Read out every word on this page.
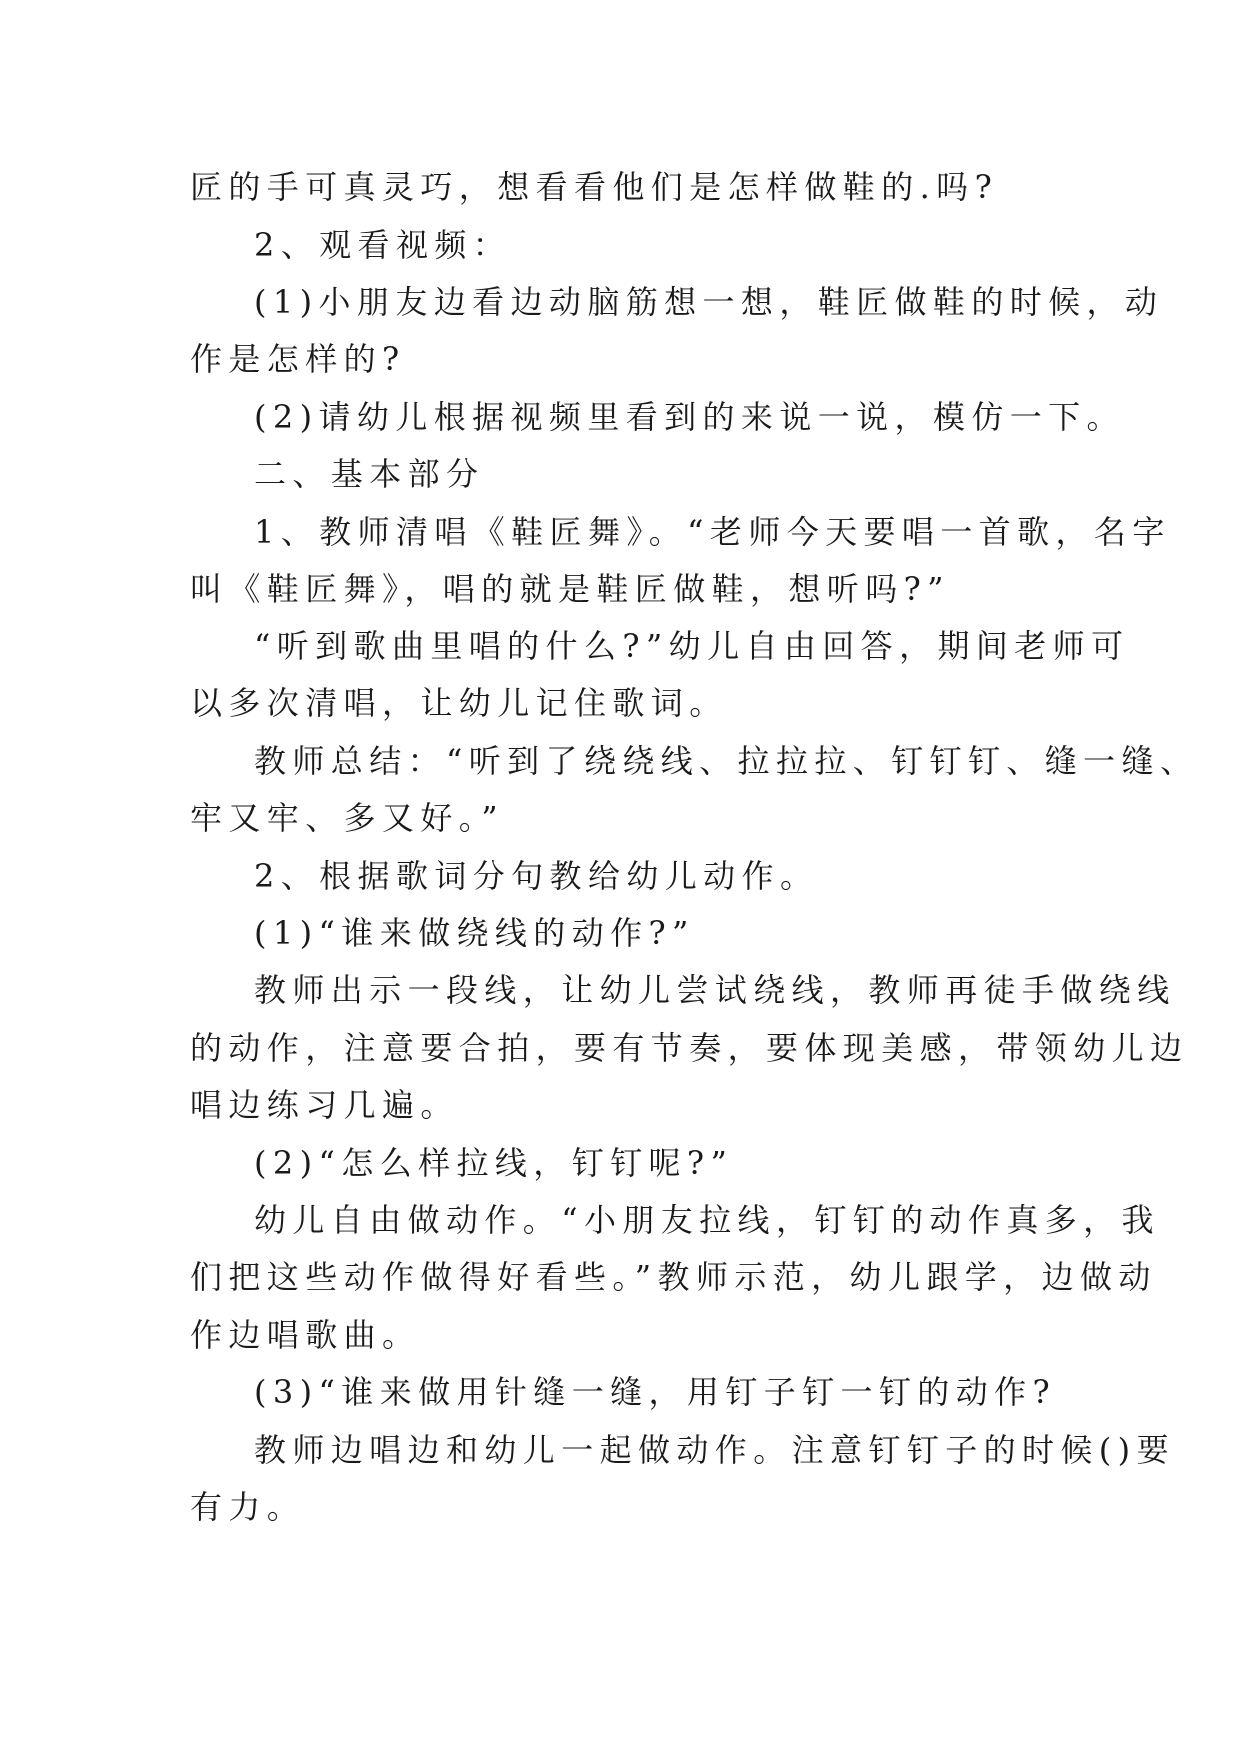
匠的手可真灵巧，想看看他们是怎样做鞋的.吗?
2、观看视频：
(1)小朋友边看边动脑筋想一想，鞋匠做鞋的时候，动
作是怎样的?
(2)请幼儿根据视频里看到的来说一说，模仿一下。
二、基本部分
1、教师清唱《鞋匠舞》。“老师今天要唱一首歌，名字
叫《鞋匠舞》，唱的就是鞋匠做鞋，想听吗?”
“听到歌曲里唱的什么?”幼儿自由回答，期间老师可
以多次清唱，让幼儿记住歌词。
教师总结：“听到了绕绕线、拉拉拉、钉钉钉、缝一缝、
牢又牢、多又好。”
2、根据歌词分句教给幼儿动作。
(1)“谁来做绕线的动作?”
教师出示一段线，让幼儿尝试绕线，教师再徒手做绕线
的动作，注意要合拍，要有节奏，要体现美感，带领幼儿边
唱边练习几遍。
(2)“怎么样拉线，钉钉呢?”
幼儿自由做动作。“小朋友拉线，钉钉的动作真多，我
们把这些动作做得好看些。”教师示范，幼儿跟学，边做动
作边唱歌曲。
(3)“谁来做用针缝一缝，用钉子钉一钉的动作?
教师边唱边和幼儿一起做动作。注意钉钉子的时候()要
有力。
